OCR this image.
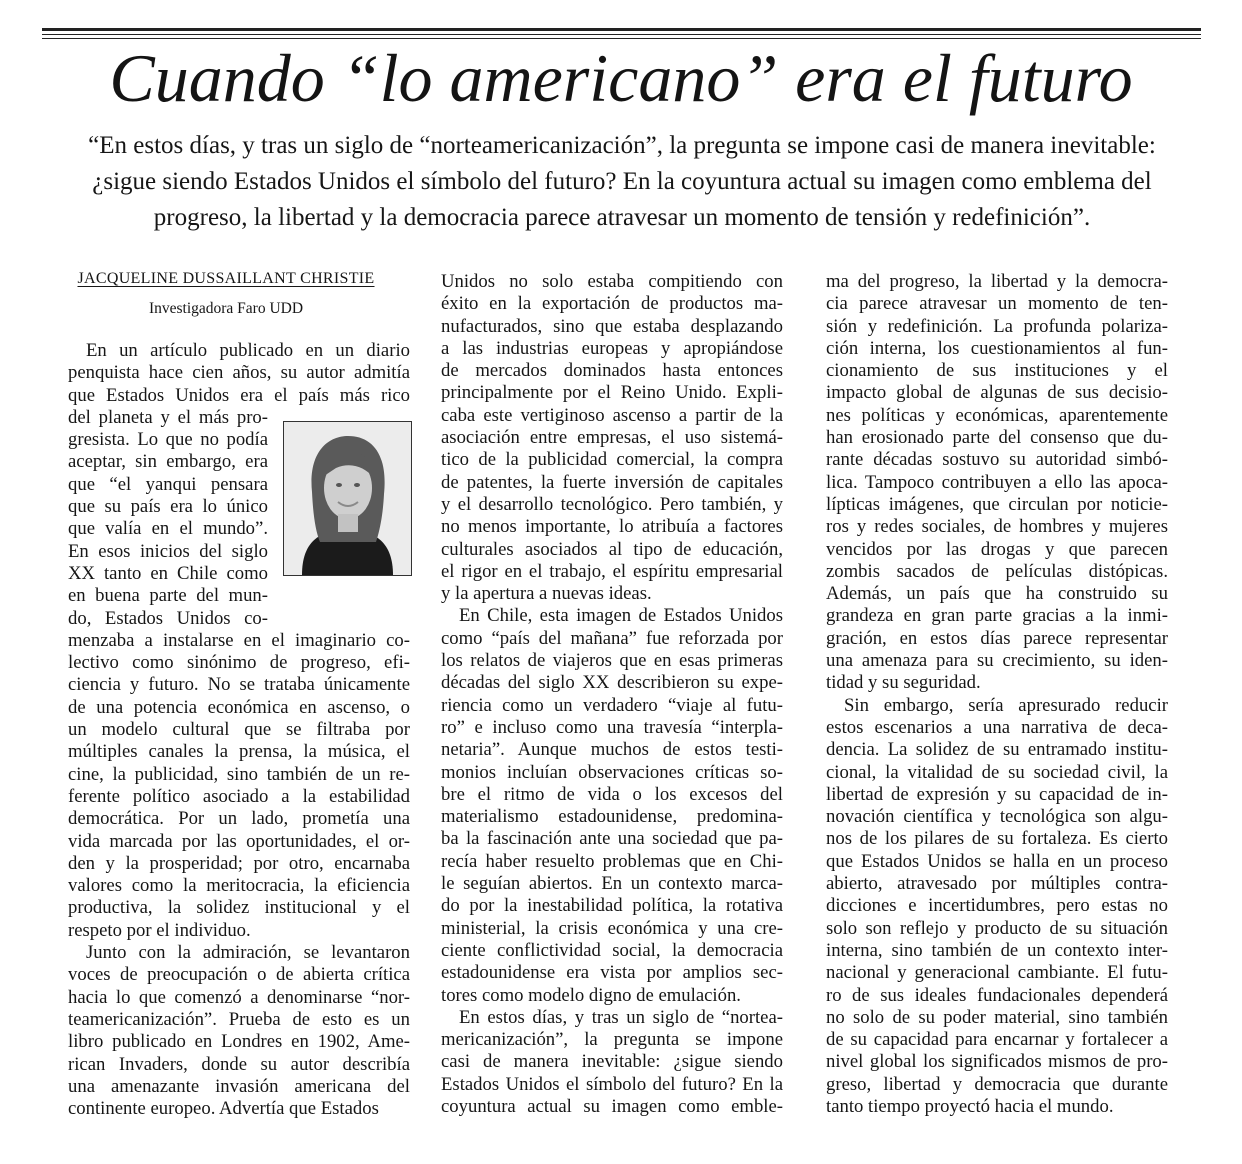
Cuando “lo americano” era el futuro
“En estos días, y tras un siglo de “norteamericanización”, la pregunta se impone casi de manera inevitable:
¿sigue siendo Estados Unidos el símbolo del futuro? En la coyuntura actual su imagen como emblema del
progreso, la libertad y la democracia parece atravesar un momento de tensión y redefinición”.
JACQUELINE DUSSAILLANT CHRISTIE
Investigadora Faro UDD
En un artículo publicado en un diario
penquista hace cien años, su autor admitía
que Estados Unidos era el país más rico
del planeta y el más pro-
gresista. Lo que no podía
aceptar, sin embargo, era
que “el yanqui pensara
que su país era lo único
que valía en el mundo”.
En esos inicios del siglo
XX tanto en Chile como
en buena parte del mun-
do, Estados Unidos co-
menzaba a instalarse en el imaginario co-
lectivo como sinónimo de progreso, efi-
ciencia y futuro. No se trataba únicamente
de una potencia económica en ascenso, o
un modelo cultural que se filtraba por
múltiples canales la prensa, la música, el
cine, la publicidad, sino también de un re-
ferente político asociado a la estabilidad
democrática. Por un lado, prometía una
vida marcada por las oportunidades, el or-
den y la prosperidad; por otro, encarnaba
valores como la meritocracia, la eficiencia
productiva, la solidez institucional y el
respeto por el individuo.
Junto con la admiración, se levantaron
voces de preocupación o de abierta crítica
hacia lo que comenzó a denominarse “nor-
teamericanización”. Prueba de esto es un
libro publicado en Londres en 1902, Ame-
rican Invaders, donde su autor describía
una amenazante invasión americana del
continente europeo. Advertía que Estados
Unidos no solo estaba compitiendo con
éxito en la exportación de productos ma-
nufacturados, sino que estaba desplazando
a las industrias europeas y apropiándose
de mercados dominados hasta entonces
principalmente por el Reino Unido. Expli-
caba este vertiginoso ascenso a partir de la
asociación entre empresas, el uso sistemá-
tico de la publicidad comercial, la compra
de patentes, la fuerte inversión de capitales
y el desarrollo tecnológico. Pero también, y
no menos importante, lo atribuía a factores
culturales asociados al tipo de educación,
el rigor en el trabajo, el espíritu empresarial
y la apertura a nuevas ideas.
En Chile, esta imagen de Estados Unidos
como “país del mañana” fue reforzada por
los relatos de viajeros que en esas primeras
décadas del siglo XX describieron su expe-
riencia como un verdadero “viaje al futu-
ro” e incluso como una travesía “interpla-
netaria”. Aunque muchos de estos testi-
monios incluían observaciones críticas so-
bre el ritmo de vida o los excesos del
materialismo estadounidense, predomina-
ba la fascinación ante una sociedad que pa-
recía haber resuelto problemas que en Chi-
le seguían abiertos. En un contexto marca-
do por la inestabilidad política, la rotativa
ministerial, la crisis económica y una cre-
ciente conflictividad social, la democracia
estadounidense era vista por amplios sec-
tores como modelo digno de emulación.
En estos días, y tras un siglo de “nortea-
mericanización”, la pregunta se impone
casi de manera inevitable: ¿sigue siendo
Estados Unidos el símbolo del futuro? En la
coyuntura actual su imagen como emble-
ma del progreso, la libertad y la democra-
cia parece atravesar un momento de ten-
sión y redefinición. La profunda polariza-
ción interna, los cuestionamientos al fun-
cionamiento de sus instituciones y el
impacto global de algunas de sus decisio-
nes políticas y económicas, aparentemente
han erosionado parte del consenso que du-
rante décadas sostuvo su autoridad simbó-
lica. Tampoco contribuyen a ello las apoca-
lípticas imágenes, que circulan por noticie-
ros y redes sociales, de hombres y mujeres
vencidos por las drogas y que parecen
zombis sacados de películas distópicas.
Además, un país que ha construido su
grandeza en gran parte gracias a la inmi-
gración, en estos días parece representar
una amenaza para su crecimiento, su iden-
tidad y su seguridad.
Sin embargo, sería apresurado reducir
estos escenarios a una narrativa de deca-
dencia. La solidez de su entramado institu-
cional, la vitalidad de su sociedad civil, la
libertad de expresión y su capacidad de in-
novación científica y tecnológica son algu-
nos de los pilares de su fortaleza. Es cierto
que Estados Unidos se halla en un proceso
abierto, atravesado por múltiples contra-
dicciones e incertidumbres, pero estas no
solo son reflejo y producto de su situación
interna, sino también de un contexto inter-
nacional y generacional cambiante. El futu-
ro de sus ideales fundacionales dependerá
no solo de su poder material, sino también
de su capacidad para encarnar y fortalecer a
nivel global los significados mismos de pro-
greso, libertad y democracia que durante
tanto tiempo proyectó hacia el mundo.
